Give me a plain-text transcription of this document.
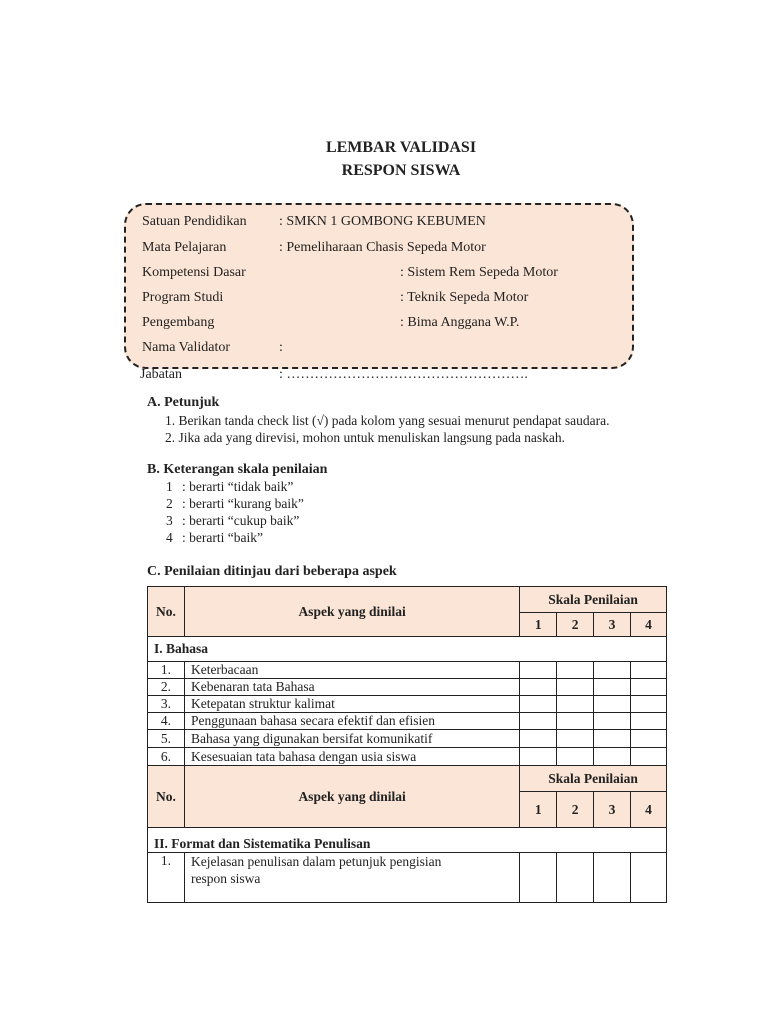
LEMBAR VALIDASI
RESPON SISWA
Satuan Pendidikan : SMKN 1 GOMBONG KEBUMEN
Mata Pelajaran	: Pemeliharaan Chasis Sepeda Motor
Kompetensi Dasar	: Sistem Rem Sepeda Motor
Program Studi	: Teknik Sepeda Motor
Pengembang	: Bima Anggana W.P.
Nama Validator	:
Jabatan	: …………………………………………….
A. Petunjuk
1. Berikan tanda check list (√) pada kolom yang sesuai menurut pendapat saudara.
2. Jika ada yang direvisi, mohon untuk menuliskan langsung pada naskah.
B. Keterangan skala penilaian
1 : berarti “tidak baik”
2 : berarti “kurang baik”
3 : berarti “cukup baik”
4 : berarti “baik”
C. Penilaian ditinjau dari beberapa aspek
No.	Aspek yang dinilai	Skala Penilaian			
		1	2	3	4
I. Bahasa					
1.	Keterbacaan				
2.	Kebenaran tata Bahasa				
3.	Ketepatan struktur kalimat				
4.	Penggunaan bahasa secara efektif dan efisien				
5.	Bahasa yang digunakan bersifat komunikatif				
6.	Kesesuaian tata bahasa dengan usia siswa				
No.	Aspek yang dinilai	Skala Penilaian			
		1	2	3	4
II. Format dan Sistematika Penulisan					
1.	Kejelasan penulisan dalam petunjuk pengisian
respon siswa				
